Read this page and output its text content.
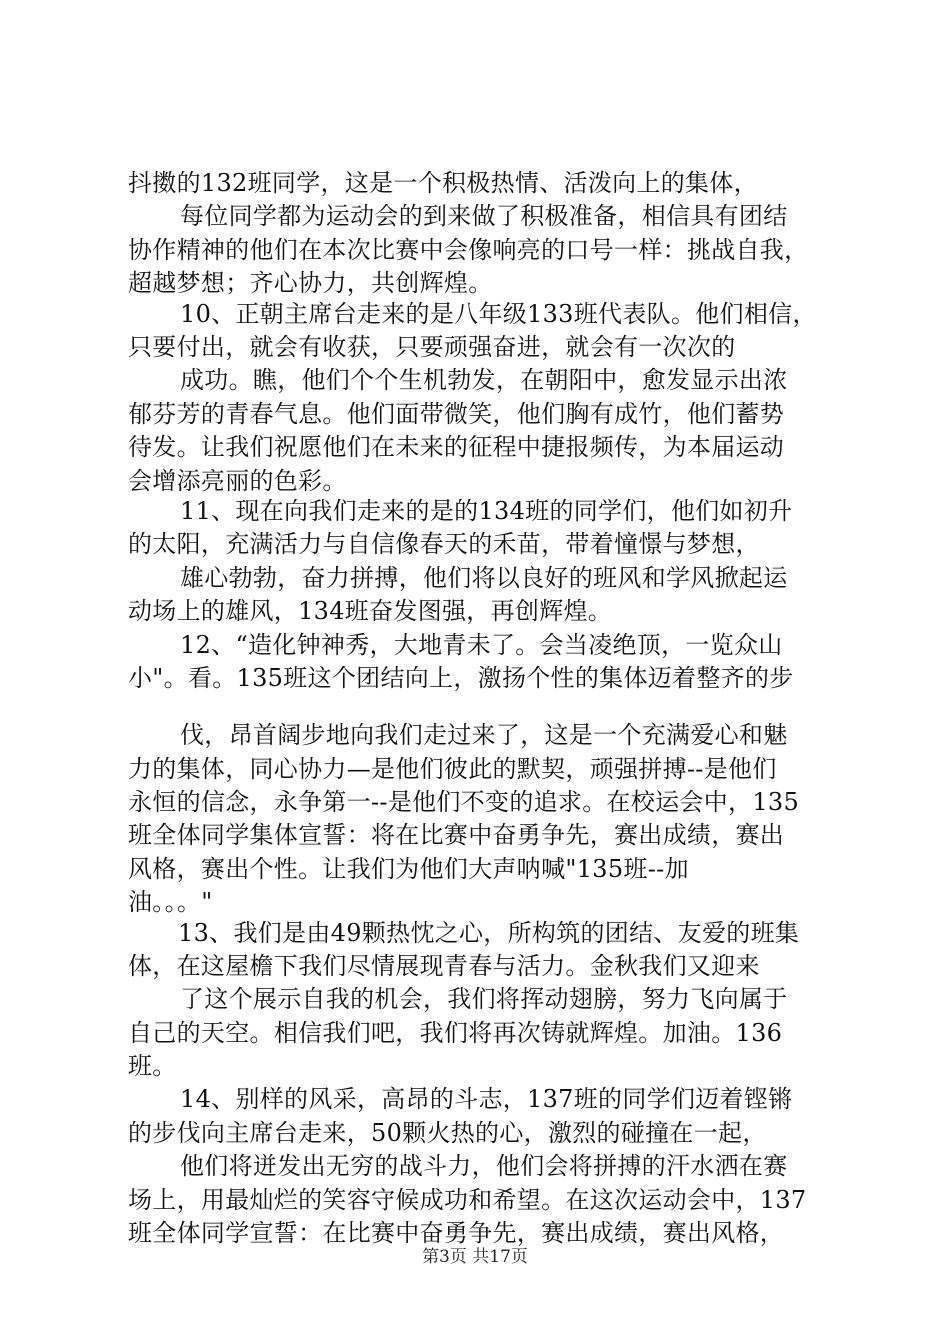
抖擞的132班同学，这是一个积极热情、活泼向上的集体，
每位同学都为运动会的到来做了积极准备，相信具有团结
协作精神的他们在本次比赛中会像响亮的口号一样：挑战自我，
超越梦想；齐心协力，共创辉煌。
10、正朝主席台走来的是八年级133班代表队。他们相信，
只要付出，就会有收获，只要顽强奋进，就会有一次次的
成功。瞧，他们个个生机勃发，在朝阳中，愈发显示出浓
郁芬芳的青春气息。他们面带微笑，他们胸有成竹，他们蓄势
待发。让我们祝愿他们在未来的征程中捷报频传，为本届运动
会增添亮丽的色彩。
11、现在向我们走来的是的134班的同学们，他们如初升
的太阳，充满活力与自信像春天的禾苗，带着憧憬与梦想，
雄心勃勃，奋力拼搏，他们将以良好的班风和学风掀起运
动场上的雄风，134班奋发图强，再创辉煌。
12、“造化钟神秀，大地青未了。会当凌绝顶，一览众山
小"。看。135班这个团结向上，激扬个性的集体迈着整齐的步
伐，昂首阔步地向我们走过来了，这是一个充满爱心和魅
力的集体，同心协力—是他们彼此的默契，顽强拼搏--是他们
永恒的信念，永争第一--是他们不变的追求。在校运会中，135
班全体同学集体宣誓：将在比赛中奋勇争先，赛出成绩，赛出
风格，赛出个性。让我们为他们大声呐喊"135班--加
油。。。"
13、我们是由49颗热忱之心，所构筑的团结、友爱的班集
体，在这屋檐下我们尽情展现青春与活力。金秋我们又迎来
了这个展示自我的机会，我们将挥动翅膀，努力飞向属于
自己的天空。相信我们吧，我们将再次铸就辉煌。加油。136
班。
14、别样的风采，高昂的斗志，137班的同学们迈着铿锵
的步伐向主席台走来，50颗火热的心，激烈的碰撞在一起，
他们将迸发出无穷的战斗力，他们会将拼搏的汗水洒在赛
场上，用最灿烂的笑容守候成功和希望。在这次运动会中，137
班全体同学宣誓：在比赛中奋勇争先，赛出成绩，赛出风格，
第3页 共17页
